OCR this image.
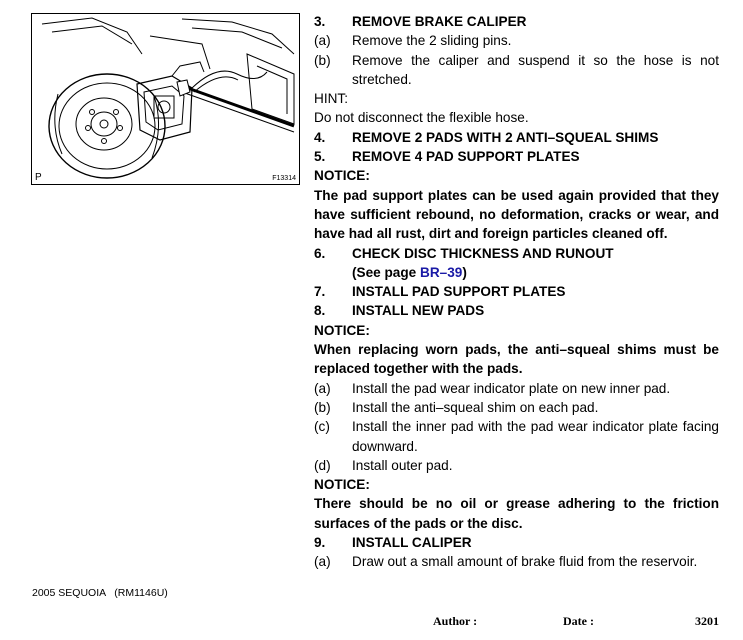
P	F13314
3.	REMOVE BRAKE CALIPER
(a)	Remove the 2 sliding pins.
(b)	Remove the caliper and suspend it so the hose is not stretched.
HINT:
Do not disconnect the flexible hose.
4.	REMOVE 2 PADS WITH 2 ANTI–SQUEAL SHIMS
5.	REMOVE 4 PAD SUPPORT PLATES
NOTICE:
The pad support plates can be used again provided that they have sufficient rebound, no deformation, cracks or wear, and have had all rust, dirt and foreign particles cleaned off.
6.	CHECK DISC THICKNESS AND RUNOUT
(See page BR–39)
7.	INSTALL PAD SUPPORT PLATES
8.	INSTALL NEW PADS
NOTICE:
When replacing worn pads, the anti–squeal shims must be replaced together with the pads.
(a)	Install the pad wear indicator plate on new inner pad.
(b)	Install the anti–squeal shim on each pad.
(c)	Install the inner pad with the pad wear indicator plate facing downward.
(d)	Install outer pad.
NOTICE:
There should be no oil or grease adhering to the friction surfaces of the pads or the disc.
9.	INSTALL CALIPER
(a)	Draw out a small amount of brake fluid from the reservoir.
2005 SEQUOIA   (RM1146U)
Author :	Date :	3201
